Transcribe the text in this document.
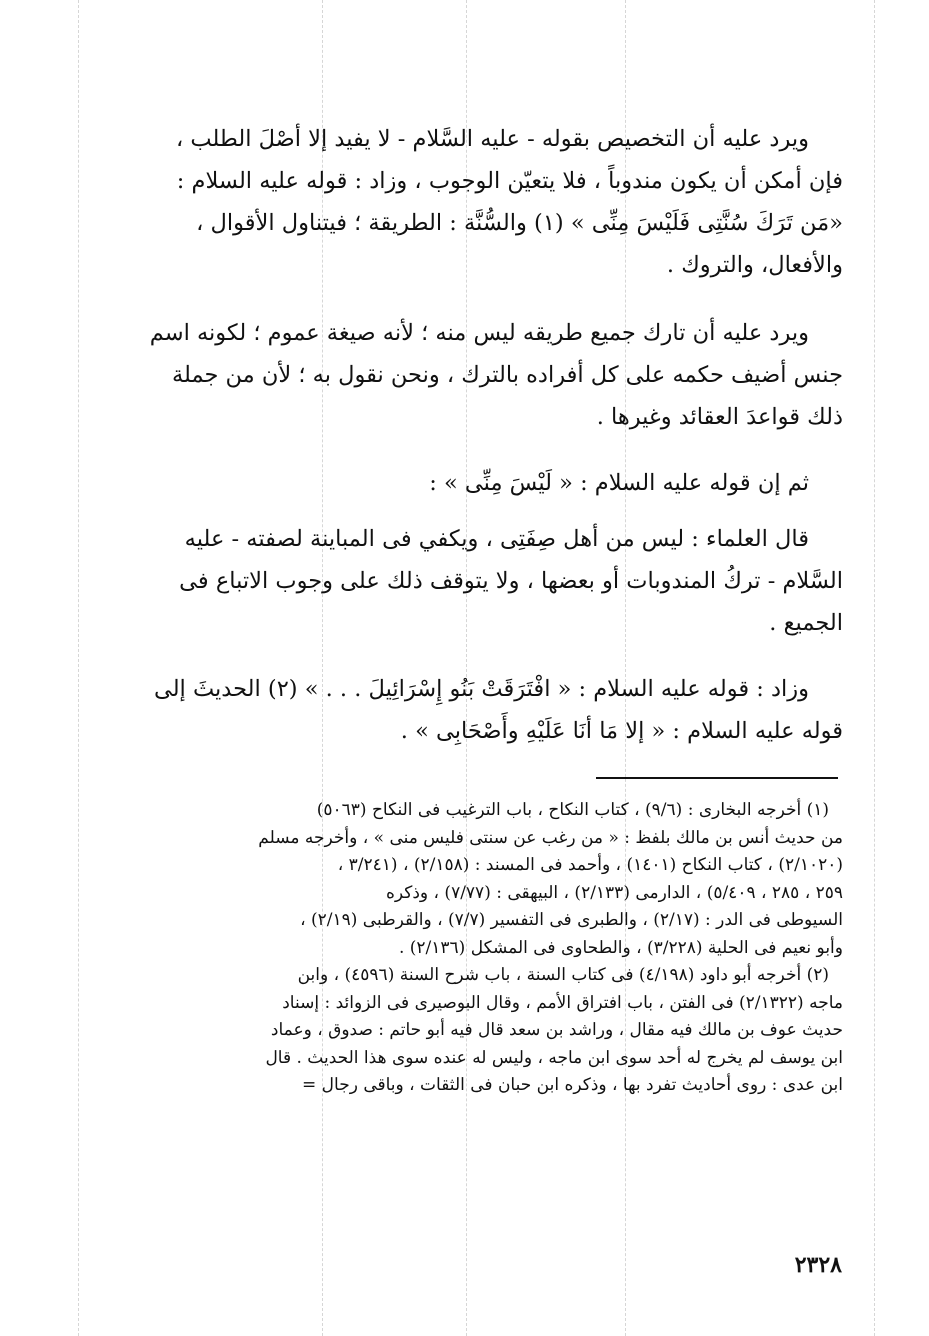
ويرد عليه أن التخصيص بقوله - عليه السَّلام - لا يفيد إلا أصْلَ الطلب ،
فإن أمكن أن يكون مندوباً ، فلا يتعيّن الوجوب ، وزاد : قوله عليه السلام :
«مَن تَرَكَ سُنَّتِى فَلَيْسَ مِنِّى » (١) والسُّنَّة : الطريقة ؛ فيتناول الأقوال ،
والأفعال، والتروك .
ويرد عليه أن تارك جميع طريقه ليس منه ؛ لأنه صيغة عموم ؛ لكونه اسم
جنس أضيف حكمه على كل أفراده بالترك ، ونحن نقول به ؛ لأن من جملة
ذلك قواعدَ العقائد وغيرها .
ثم إن قوله عليه السلام : « لَيْسَ مِنِّى » :
قال العلماء : ليس من أهل صِفَتِى ، ويكفي فى المباينة لصفته - عليه
السَّلام - تركُ المندوبات أو بعضها ، ولا يتوقف ذلك على وجوب الاتباع فى
الجميع .
وزاد : قوله عليه السلام : « افْتَرَقَتْ بَنُو إِسْرَائِيلَ . . . » (٢) الحديثَ إلى
قوله عليه السلام : « إلا مَا أنَا عَلَيْهِ وأَصْحَابِى » .
(١) أخرجه البخارى : (٩/٦) ، كتاب النكاح ، باب الترغيب فى النكاح (٥٠٦٣)
من حديث أنس بن مالك بلفظ : « من رغب عن سنتى فليس منى » ، وأخرجه مسلم
(٢/١٠٢٠) ، كتاب النكاح (١٤٠١) ، وأحمد فى المسند : (٢/١٥٨) ، (٣/٢٤١ ،
٢٥٩ ، ٢٨٥ ، ٥/٤٠٩) ، الدارمى (٢/١٣٣) ، البيهقى : (٧/٧٧) ، وذكره
السيوطى فى الدر : (٢/١٧) ، والطبرى فى التفسير (٧/٧) ، والقرطبى (٢/١٩) ،
وأبو نعيم فى الحلية (٣/٢٢٨) ، والطحاوى فى المشكل (٢/١٣٦) .
(٢) أخرجه أبو داود (٤/١٩٨) فى كتاب السنة ، باب شرح السنة (٤٥٩٦) ، وابن
ماجه (٢/١٣٢٢) فى الفتن ، باب افتراق الأمم ، وقال البوصيرى فى الزوائد : إسناد
حديث عوف بن مالك فيه مقال ، وراشد بن سعد قال فيه أبو حاتم : صدوق ، وعماد
ابن يوسف لم يخرج له أحد سوى ابن ماجه ، وليس له عنده سوى هذا الحديث . قال
ابن عدى : روى أحاديث تفرد بها ، وذكره ابن حبان فى الثقات ، وباقى رجال =
٢٣٢٨
